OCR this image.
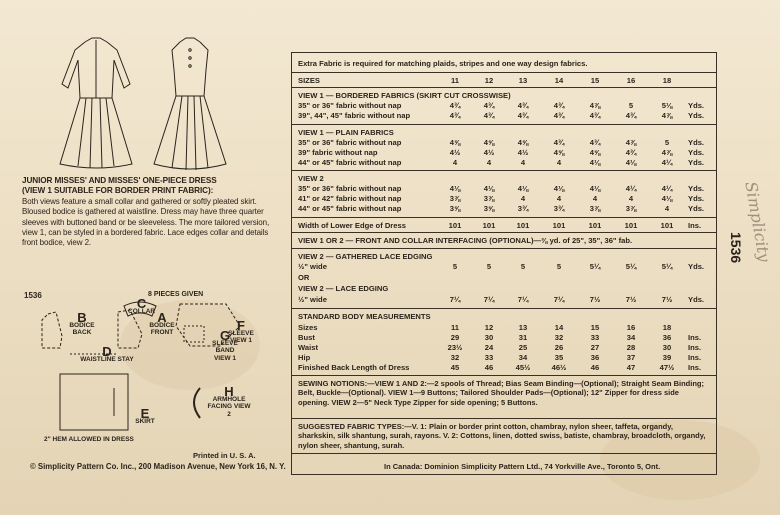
JUNIOR MISSES' AND MISSES' ONE-PIECE DRESS
(VIEW 1 SUITABLE FOR BORDER PRINT FABRIC):
Both views feature a small collar and gathered or softly pleated skirt. Bloused bodice is gathered at waistline. Dress may have three quarter sleeves with buttoned band or be sleeveless. The more tailored version, view 1, can be styled in a bordered fabric. Lace edges collar and details front bodice, view 2.
1536	8 PIECES GIVEN
C
COLLAR
F
SLEEVE VIEW 1
B
BODICE BACK
A
BODICE FRONT	G
SLEEVE BAND VIEW 1
D
WAISTLINE STAY
E
SKIRT
H
ARMHOLE FACING VIEW 2
2" HEM ALLOWED IN DRESS
Printed in U. S. A.
© Simplicity Pattern Co. Inc., 200 Madison Avenue, New York 16, N. Y.
Extra Fabric is required for matching plaids, stripes and one way design fabrics.
SIZES	11	12	13	14	15	16	18
VIEW 1 — BORDERED FABRICS (SKIRT CUT CROSSWISE)
35" or 36" fabric without nap	4¾	4¾	4¾	4¾	4⅞	5	5⅛	Yds.
39", 44", 45" fabric without nap	4¾	4¾	4¾	4¾	4¾	4¾	4⅞	Yds.
VIEW 1 — PLAIN FABRICS
35" or 36" fabric without nap	4⅝	4⅝	4⅝	4¾	4¾	4⅞	5	Yds.
39" fabric without nap	4½	4½	4½	4⅝	4⅝	4¾	4⅞	Yds.
44" or 45" fabric without nap	4	4	4	4	4⅛	4⅛	4¼	Yds.
VIEW 2
35" or 36" fabric without nap	4⅛	4⅛	4⅛	4⅛	4⅛	4¼	4¼	Yds.
41" or 42" fabric without nap	3⅞	3⅞	4	4	4	4	4⅛	Yds.
44" or 45" fabric without nap	3⅝	3⅝	3¾	3¾	3⅞	3⅞	4	Yds.
Width of Lower Edge of Dress	101	101	101	101	101	101	101	Ins.
VIEW 1 OR 2 — FRONT AND COLLAR INTERFACING (OPTIONAL)—⅜ yd. of 25", 35", 36" fab.
VIEW 2 — GATHERED LACE EDGING
½" wide	5	5	5	5	5¼	5¼	5¼	Yds.
OR
VIEW 2 — LACE EDGING
½" wide	7¼	7¼	7¼	7¼	7½	7½	7½	Yds.
STANDARD BODY MEASUREMENTS
Sizes	11	12	13	14	15	16	18
Bust	29	30	31	32	33	34	36	Ins.
Waist	23½	24	25	26	27	28	30	Ins.
Hip	32	33	34	35	36	37	39	Ins.
Finished Back Length of Dress	45	46	45½	46½	46	47	47½	Ins.
SEWING NOTIONS:—VIEW 1 AND 2:—2 spools of Thread; Bias Seam Binding—(Optional); Straight Seam Binding; Belt, Buckle—(Optional). VIEW 1—9 Buttons; Tailored Shoulder Pads—(Optional); 12" Zipper for dress side opening. VIEW 2—5" Neck Type Zipper for side opening; 5 Buttons.
SUGGESTED FABRIC TYPES:—V. 1: Plain or border print cotton, chambray, nylon sheer, taffeta, organdy, sharkskin, silk shantung, surah, rayons. V. 2: Cottons, linen, dotted swiss, batiste, chambray, broadcloth, organdy, nylon sheer, shantung, surah.
In Canada: Dominion Simplicity Pattern Ltd., 74 Yorkville Ave., Toronto 5, Ont.
1536
Simplicity
